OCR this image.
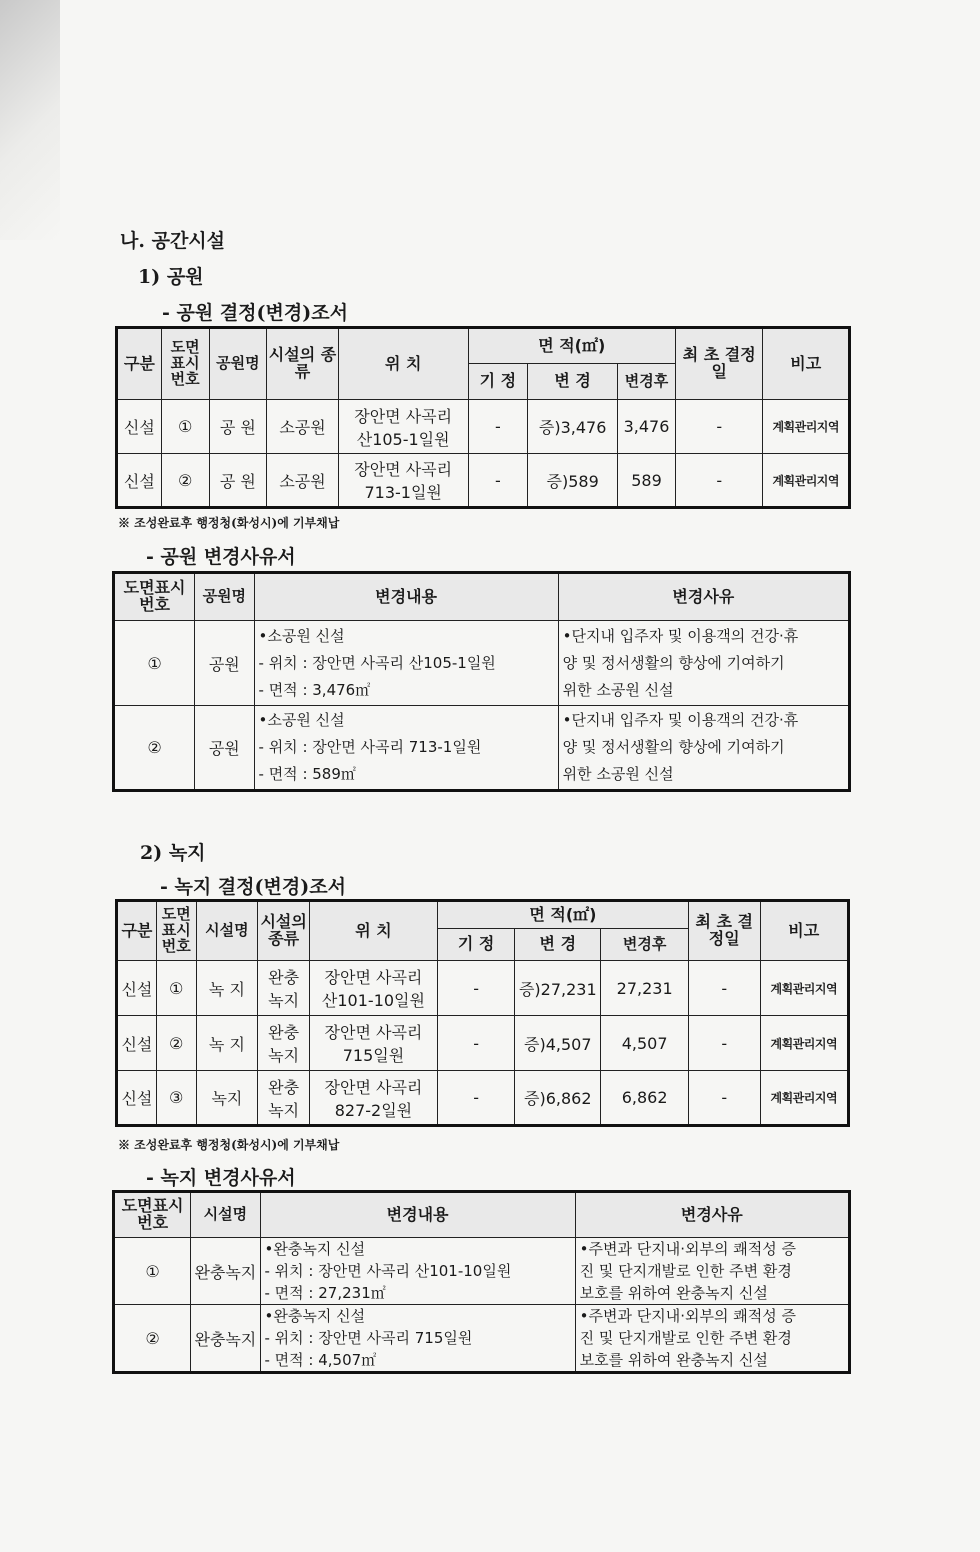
나. 공간시설
1) 공원
- 공원 결정(변경)조서
구분	도면 표시 번호	공원명	시설의 종류	위 치	면 적(㎡)			최 초 결정일	비고
					기 정	변 경	변경후		
신설	①	공 원	소공원	장안면 사곡리
산105-1일원	-	증)3,476	3,476	-	계획관리지역
신설	②	공 원	소공원	장안면 사곡리
713-1일원	-	증)589	589	-	계획관리지역
※ 조성완료후 행정청(화성시)에 기부채납
- 공원 변경사유서
도면표시 번호	공원명	변경내용	변경사유
①	공원	•소공원 신설
- 위치 : 장안면 사곡리 산105-1일원
- 면적 : 3,476㎡	•단지내 입주자 및 이용객의 건강·휴
양 및 정서생활의 향상에 기여하기
위한 소공원 신설

②	공원	•소공원 신설
- 위치 : 장안면 사곡리 713-1일원
- 면적 : 589㎡	•단지내 입주자 및 이용객의 건강·휴
양 및 정서생활의 향상에 기여하기
위한 소공원 신설
2) 녹지
- 녹지 결정(변경)조서
구분	도면 표시 번호	시설명	시설의 종류	위 치	면 적(㎡)			최 초 결정일	비고
					기 정	변 경	변경후		
신설	①	녹 지	완충
녹지	장안면 사곡리
산101-10일원	-	증)27,231	27,231	-	계획관리지역
신설	②	녹 지	완충
녹지	장안면 사곡리
715일원	-	증)4,507	4,507	-	계획관리지역
신설	③	녹지	완충
녹지	장안면 사곡리
827-2일원	-	증)6,862	6,862	-	계획관리지역
※ 조성완료후 행정청(화성시)에 기부채납
- 녹지 변경사유서
도면표시 번호	시설명	변경내용	변경사유
①	완충녹지	•완충녹지 신설
- 위치 : 장안면 사곡리 산101-10일원
- 면적 : 27,231㎡	•주변과 단지내·외부의 쾌적성 증
진 및 단지개발로 인한 주변 환경
보호를 위하여 완충녹지 신설

②	완충녹지	•완충녹지 신설
- 위치 : 장안면 사곡리 715일원
- 면적 : 4,507㎡	•주변과 단지내·외부의 쾌적성 증
진 및 단지개발로 인한 주변 환경
보호를 위하여 완충녹지 신설
